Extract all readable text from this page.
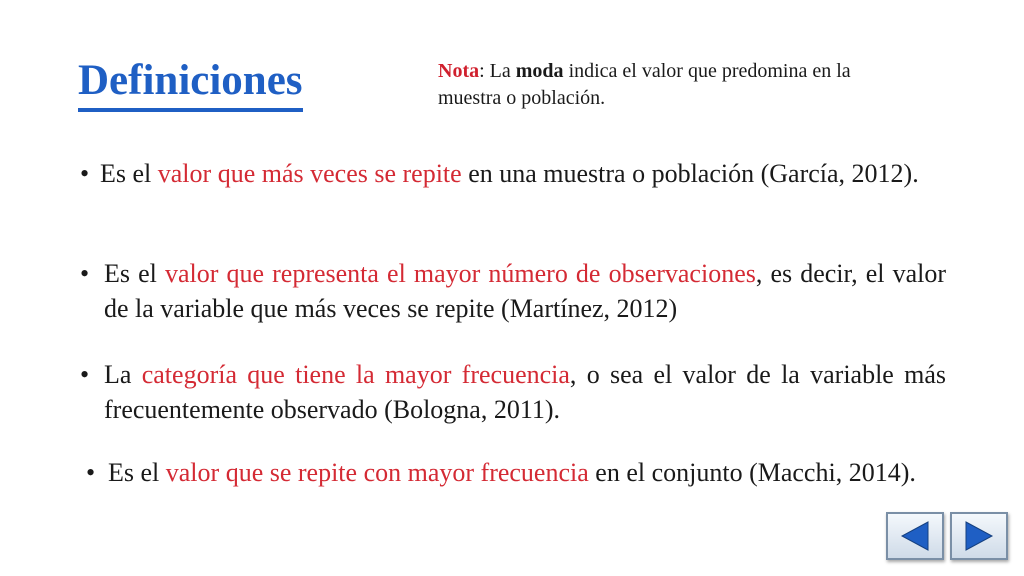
Definiciones	Nota: La moda indica el valor que predomina en la muestra o población.
• Es el valor que más veces se repite en una muestra o población (García, 2012).
• Es el valor que representa el mayor número de observaciones, es decir, el valor de la variable que más veces se repite (Martínez, 2012)
• La categoría que tiene la mayor frecuencia, o sea el valor de la variable más frecuentemente observado (Bologna, 2011).
• Es el valor que se repite con mayor frecuencia en el conjunto (Macchi, 2014).
